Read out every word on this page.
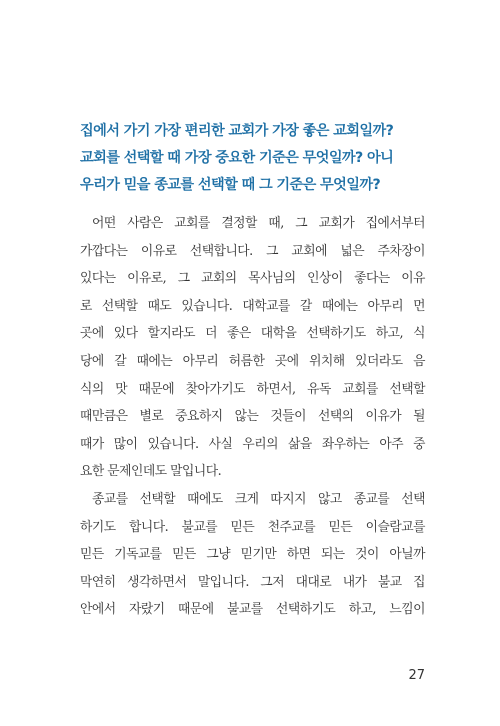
집에서 가기 가장 편리한 교회가 가장 좋은 교회일까?
교회를 선택할 때 가장 중요한 기준은 무엇일까? 아니
우리가 믿을 종교를 선택할 때 그 기준은 무엇일까?
어떤 사람은 교회를 결정할 때, 그 교회가 집에서부터
가깝다는 이유로 선택합니다. 그 교회에 넓은 주차장이
있다는 이유로, 그 교회의 목사님의 인상이 좋다는 이유
로 선택할 때도 있습니다. 대학교를 갈 때에는 아무리 먼
곳에 있다 할지라도 더 좋은 대학을 선택하기도 하고, 식
당에 갈 때에는 아무리 허름한 곳에 위치해 있더라도 음
식의 맛 때문에 찾아가기도 하면서, 유독 교회를 선택할
때만큼은 별로 중요하지 않는 것들이 선택의 이유가 될
때가 많이 있습니다. 사실 우리의 삶을 좌우하는 아주 중
요한 문제인데도 말입니다.
종교를 선택할 때에도 크게 따지지 않고 종교를 선택
하기도 합니다. 불교를 믿든 천주교를 믿든 이슬람교를
믿든 기독교를 믿든 그냥 믿기만 하면 되는 것이 아닐까
막연히 생각하면서 말입니다. 그저 대대로 내가 불교 집
안에서 자랐기 때문에 불교를 선택하기도 하고, 느낌이
27
